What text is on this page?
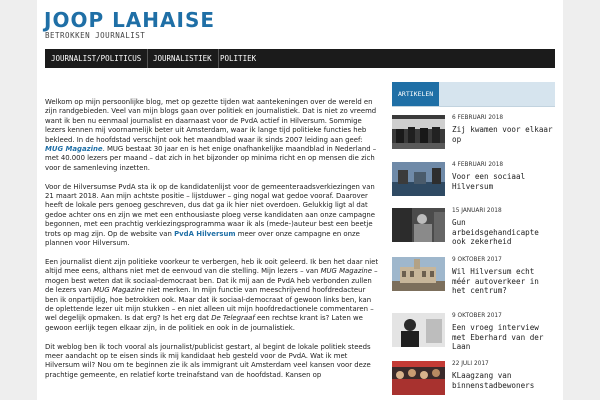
JOOP LAHAISE
BETROKKEN JOURNALIST
JOURNALIST/POLITICUS	JOURNALISTIEK	POLITIEK

Welkom op mijn persoonlijke blog, met op gezette tijden wat aantekeningen over de wereld en zijn randgebieden. Veel van mijn blogs gaan over politiek en journalistiek. Dat is niet zo vreemd want ik ben nu eenmaal journalist en daarnaast voor de PvdA actief in Hilversum. Sommige lezers kennen mij voornamelijk beter uit Amsterdam, waar ik lange tijd politieke functies heb bekleed. In de hoofdstad verschijnt ook het maandblad waar ik sinds 2007 leiding aan geef: MUG Magazine. MUG bestaat 30 jaar en is het enige onafhankelijke maandblad in Nederland – met 40.000 lezers per maand – dat zich in het bijzonder op minima richt en op mensen die zich voor de samenleving inzetten.

Voor de Hilversumse PvdA sta ik op de kandidatenlijst voor de gemeenteraadsverkiezingen van 21 maart 2018. Aan mijn achtste positie – lijstduwer – ging nogal wat gedoe vooraf. Daarover heeft de lokale pers genoeg geschreven, dus dat ga ik hier niet overdoen. Gelukkig ligt al dat gedoe achter ons en zijn we met een enthousiaste ploeg verse kandidaten aan onze campagne begonnen, met een prachtig verkiezingsprogramma waar ik als (mede-)auteur best een beetje trots op mag zijn. Op de website van PvdA Hilversum meer over onze campagne en onze plannen voor Hilversum.

Een journalist dient zijn politieke voorkeur te verbergen, heb ik ooit geleerd. Ik ben het daar niet altijd mee eens, althans niet met de eenvoud van die stelling. Mijn lezers – van MUG Magazine – mogen best weten dat ik sociaal-democraat ben. Dat ik mij aan de PvdA heb verbonden zullen de lezers van MUG Magazine niet merken. In mijn functie van meeschrijvend hoofdredacteur ben ik onpartijdig, hoe betrokken ook. Maar dat ik sociaal-democraat of gewoon links ben, kan de oplettende lezer uit mijn stukken – en niet alleen uit mijn hoofdredactionele commentaren – wel degelijk opmaken. Is dat erg? Is het erg dat De Telegraaf een rechtse krant is? Laten we gewoon eerlijk tegen elkaar zijn, in de politiek en ook in de journalistiek.

Dit weblog ben ik toch vooral als journalist/publicist gestart, al begint de lokale politiek steeds meer aandacht op te eisen sinds ik mij kandidaat heb gesteld voor de PvdA. Wat ik met Hilversum wil? Nou om te beginnen zie ik als immigrant uit Amsterdam veel kansen voor deze prachtige gemeente, en relatief korte treinafstand van de hoofdstad. Kansen op

ARTIKELEN
6 FEBRUARI 2018
Zij kwamen voor elkaar op
4 FEBRUARI 2018
Voor een sociaal Hilversum
15 JANUARI 2018
Gun arbeidsgehandicapte ook zekerheid
9 OKTOBER 2017
Wil Hilversum echt méér autoverkeer in het centrum?
9 OKTOBER 2017
Een vroeg interview met Eberhard van der Laan
22 JULI 2017
KLaagzang van binnenstadbewoners
